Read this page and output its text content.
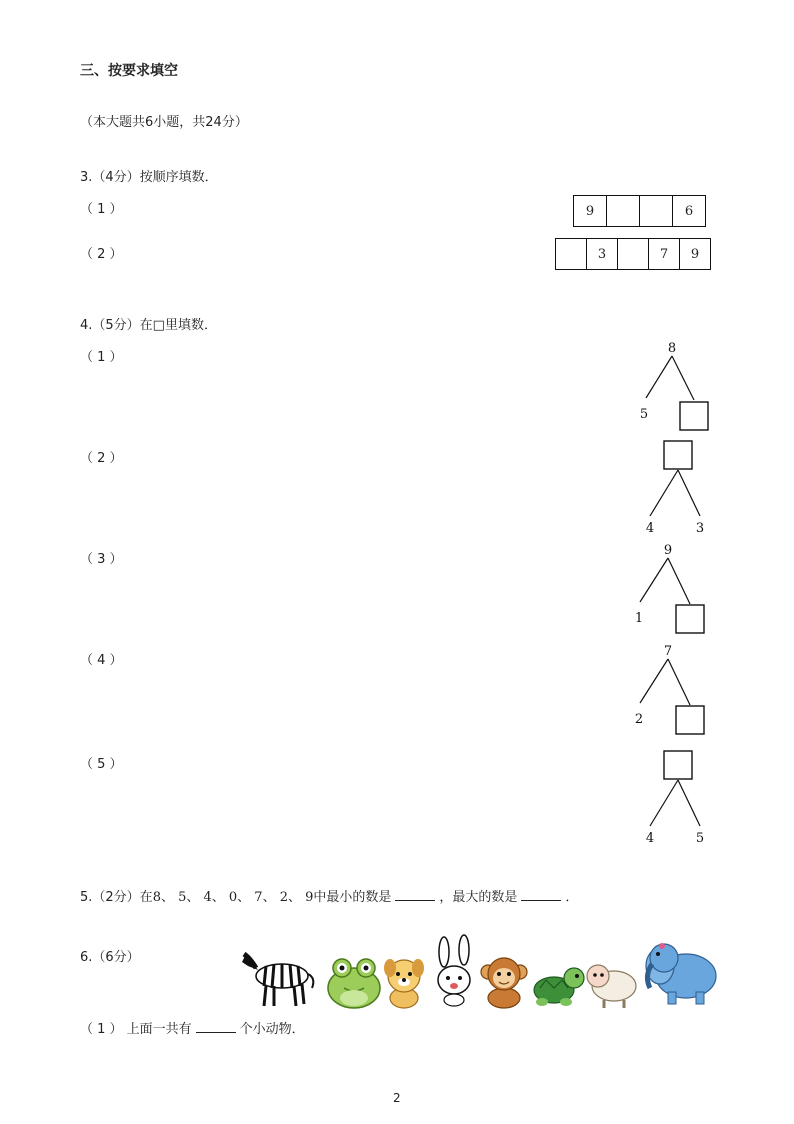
三、按要求填空
（本大题共6小题，共24分）
3.（4分）按顺序填数．
（ 1 ）
（ 2 ）
9	6
3	7	9
4.（5分）在□里填数．
（ 1 ）
（ 2 ）
（ 3 ）
（ 4 ）
（ 5 ）
8
5
4	3
9
1
7
2
4	5
5.（2分）在8、 5、 4、 0、 7、 2、 9中最小的数是	，最大的数是	．
6.（6分）
（ 1 ） 上面一共有	个小动物．
2
